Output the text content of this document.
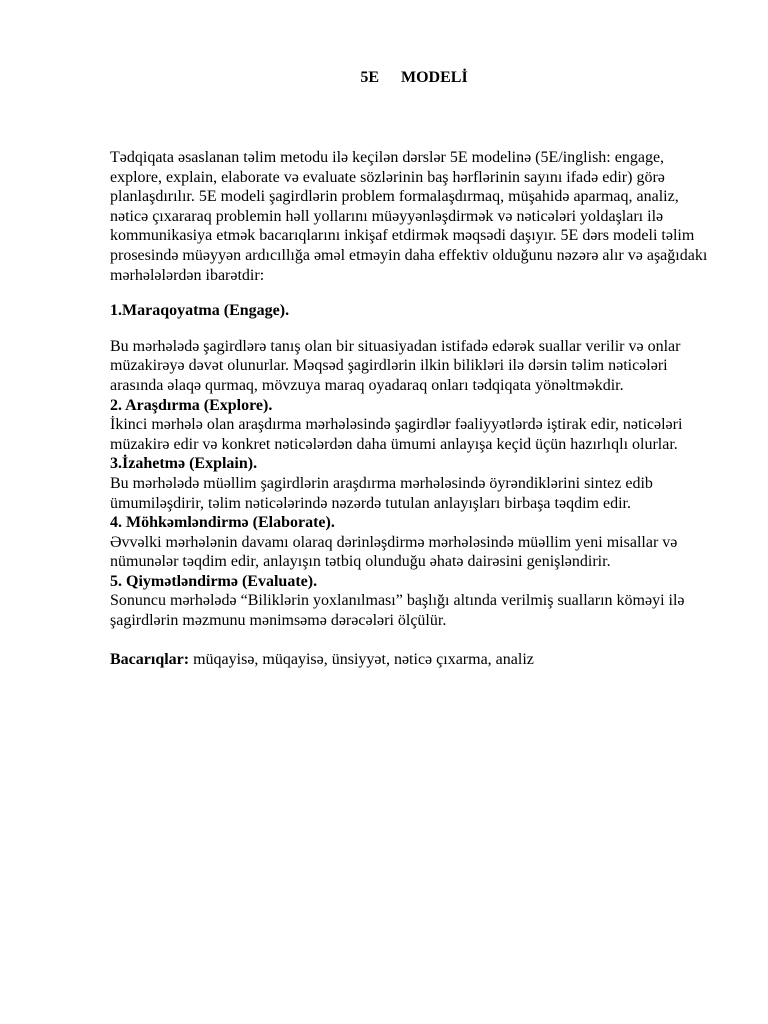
5E MODELİ

Tədqiqata əsaslanan təlim metodu ilə keçilən dərslər 5E modelinə (5E/inglish: engage, explore, explain, elaborate və evaluate sözlərinin baş hərflərinin sayını ifadə edir) görə planlaşdırılır. 5E modeli şagirdlərin problem formalaşdırmaq, müşahidə aparmaq, analiz, nəticə çıxararaq problemin həll yollarını müəyyənləşdirmək və nəticələri yoldaşları ilə kommunikasiya etmək bacarıqlarını inkişaf etdirmək məqsədi daşıyır. 5E dərs modeli təlim prosesində müəyyən ardıcıllığa əməl etməyin daha effektiv olduğunu nəzərə alır və aşağıdakı mərhələlərdən ibarətdir:

1.Maraqoyatma (Engage).

Bu mərhələdə şagirdlərə tanış olan bir situasiyadan istifadə edərək suallar verilir və onlar müzakirəyə dəvət olunurlar. Məqsəd şagirdlərin ilkin bilikləri ilə dərsin təlim nəticələri arasında əlaqə qurmaq, mövzuya maraq oyadaraq onları tədqiqata yönəltməkdir.

2. Araşdırma (Explore).

İkinci mərhələ olan araşdırma mərhələsində şagirdlər fəaliyyətlərdə iştirak edir, nəticələri müzakirə edir və konkret nəticələrdən daha ümumi anlayışa keçid üçün hazırlıqlı olurlar.

3.İzahetmə (Explain).

Bu mərhələdə müəllim şagirdlərin araşdırma mərhələsində öyrəndiklərini sintez edib ümumiləşdirir, təlim nəticələrində nəzərdə tutulan anlayışları birbaşa təqdim edir.

4. Möhkəmləndirmə (Elaborate).

Əvvəlki mərhələnin davamı olaraq dərinləşdirmə mərhələsində müəllim yeni misallar və nümunələr təqdim edir, anlayışın tətbiq olunduğu əhatə dairəsini genişləndirir.

5. Qiymətləndirmə (Evaluate).

Sonuncu mərhələdə “Biliklərin yoxlanılması” başlığı altında verilmiş sualların köməyi ilə şagirdlərin məzmunu mənimsəmə dərəcələri ölçülür.

Bacarıqlar: müqayisə, müqayisə, ünsiyyət, nəticə çıxarma, analiz
